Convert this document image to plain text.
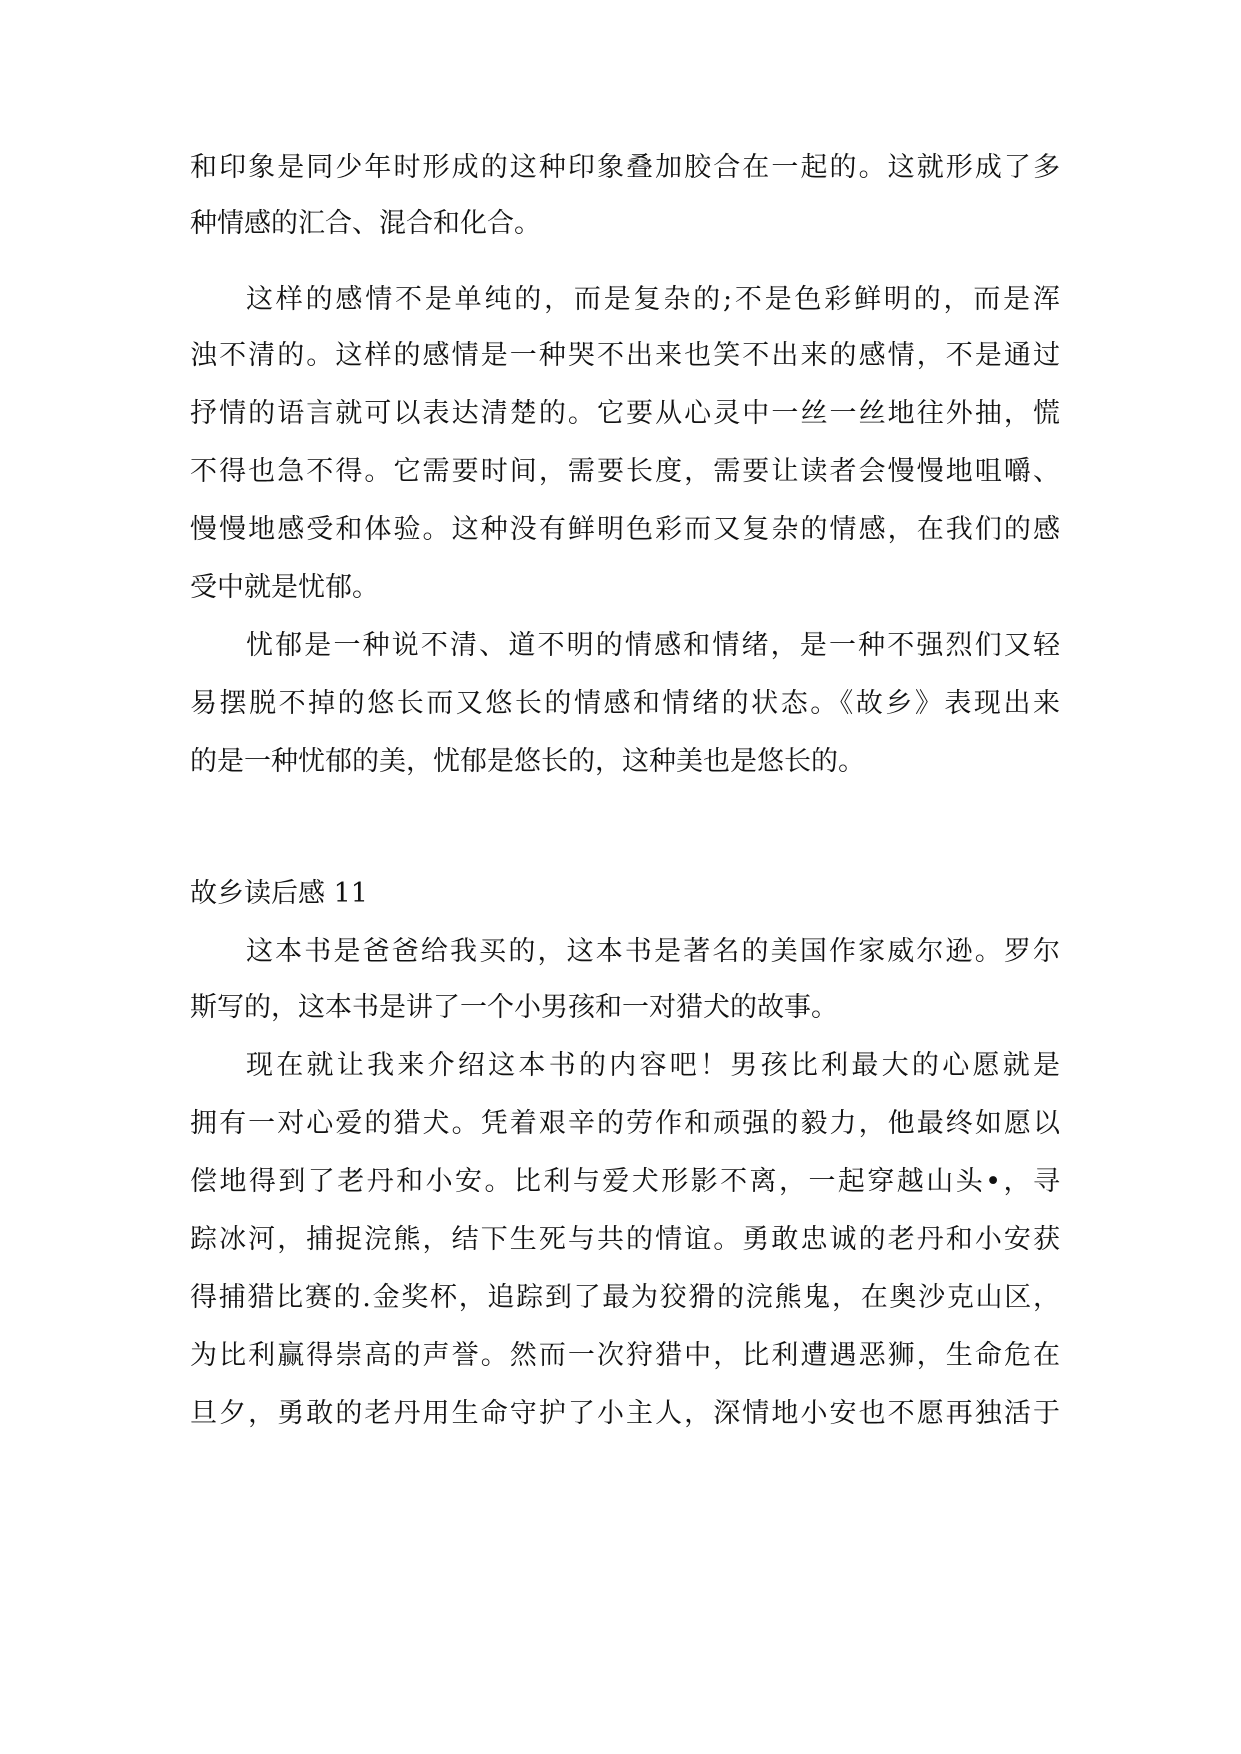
和印象是同少年时形成的这种印象叠加胶合在一起的。这就形成了多
种情感的汇合、混合和化合。
这样的感情不是单纯的，而是复杂的;不是色彩鲜明的，而是浑
浊不清的。这样的感情是一种哭不出来也笑不出来的感情，不是通过
抒情的语言就可以表达清楚的。它要从心灵中一丝一丝地往外抽，慌
不得也急不得。它需要时间，需要长度，需要让读者会慢慢地咀嚼、
慢慢地感受和体验。这种没有鲜明色彩而又复杂的情感，在我们的感
受中就是忧郁。
忧郁是一种说不清、道不明的情感和情绪，是一种不强烈们又轻
易摆脱不掉的悠长而又悠长的情感和情绪的状态。《故乡》表现出来
的是一种忧郁的美，忧郁是悠长的，这种美也是悠长的。
故乡读后感 11
这本书是爸爸给我买的，这本书是著名的美国作家威尔逊。罗尔
斯写的，这本书是讲了一个小男孩和一对猎犬的故事。
现在就让我来介绍这本书的内容吧！男孩比利最大的心愿就是
拥有一对心爱的猎犬。凭着艰辛的劳作和顽强的毅力，他最终如愿以
偿地得到了老丹和小安。比利与爱犬形影不离，一起穿越山头•，寻
踪冰河，捕捉浣熊，结下生死与共的情谊。勇敢忠诚的老丹和小安获
得捕猎比赛的.金奖杯，追踪到了最为狡猾的浣熊鬼，在奥沙克山区，
为比利赢得崇高的声誉。然而一次狩猎中，比利遭遇恶狮，生命危在
旦夕，勇敢的老丹用生命守护了小主人，深情地小安也不愿再独活于
